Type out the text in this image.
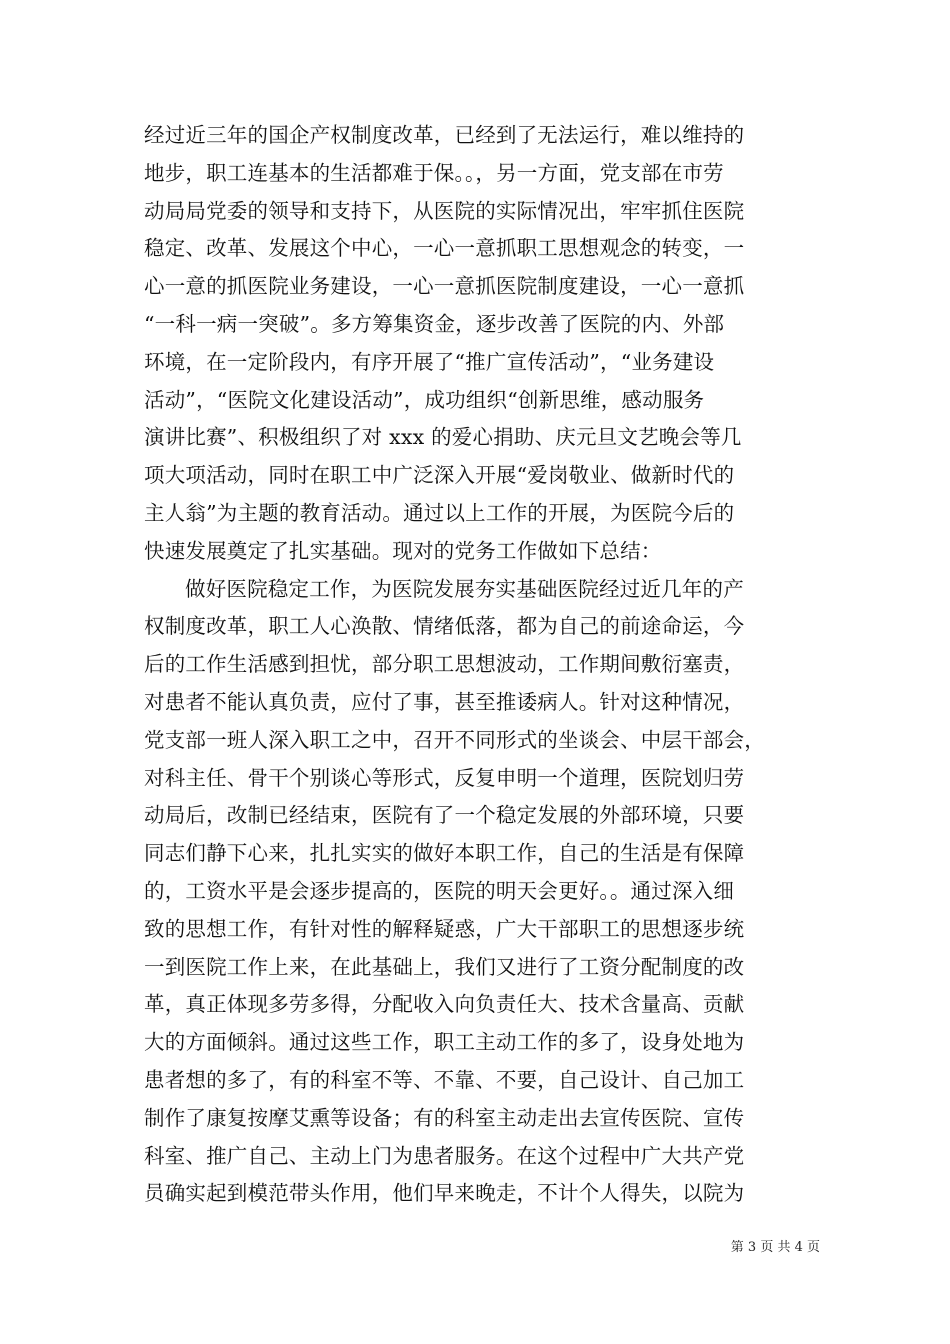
经过近三年的国企产权制度改革，已经到了无法运行，难以维持的
地步，职工连基本的生活都难于保。。，另一方面，党支部在市劳
动局局党委的领导和支持下，从医院的实际情况出，牢牢抓住医院
稳定、改革、发展这个中心，一心一意抓职工思想观念的转变，一
心一意的抓医院业务建设，一心一意抓医院制度建设，一心一意抓
“一科一病一突破”。多方筹集资金，逐步改善了医院的内、外部
环境，在一定阶段内，有序开展了“推广宣传活动”，“业务建设
活动”，“医院文化建设活动”，成功组织“创新思维，感动服务
演讲比赛”、积极组织了对 xxx 的爱心捐助、庆元旦文艺晚会等几
项大项活动，同时在职工中广泛深入开展“爱岗敬业、做新时代的
主人翁”为主题的教育活动。通过以上工作的开展，为医院今后的
快速发展奠定了扎实基础。现对的党务工作做如下总结：
做好医院稳定工作，为医院发展夯实基础医院经过近几年的产
权制度改革，职工人心涣散、情绪低落，都为自己的前途命运，今
后的工作生活感到担忧，部分职工思想波动，工作期间敷衍塞责，
对患者不能认真负责，应付了事，甚至推诿病人。针对这种情况，
党支部一班人深入职工之中，召开不同形式的坐谈会、中层干部会，
对科主任、骨干个别谈心等形式，反复申明一个道理，医院划归劳
动局后，改制已经结束，医院有了一个稳定发展的外部环境，只要
同志们静下心来，扎扎实实的做好本职工作，自己的生活是有保障
的，工资水平是会逐步提高的，医院的明天会更好。。通过深入细
致的思想工作，有针对性的解释疑惑，广大干部职工的思想逐步统
一到医院工作上来，在此基础上，我们又进行了工资分配制度的改
革，真正体现多劳多得，分配收入向负责任大、技术含量高、贡献
大的方面倾斜。通过这些工作，职工主动工作的多了，设身处地为
患者想的多了，有的科室不等、不靠、不要，自己设计、自己加工
制作了康复按摩艾熏等设备；有的科室主动走出去宣传医院、宣传
科室、推广自己、主动上门为患者服务。在这个过程中广大共产党
员确实起到模范带头作用，他们早来晚走，不计个人得失，以院为
第 3 页 共 4 页
